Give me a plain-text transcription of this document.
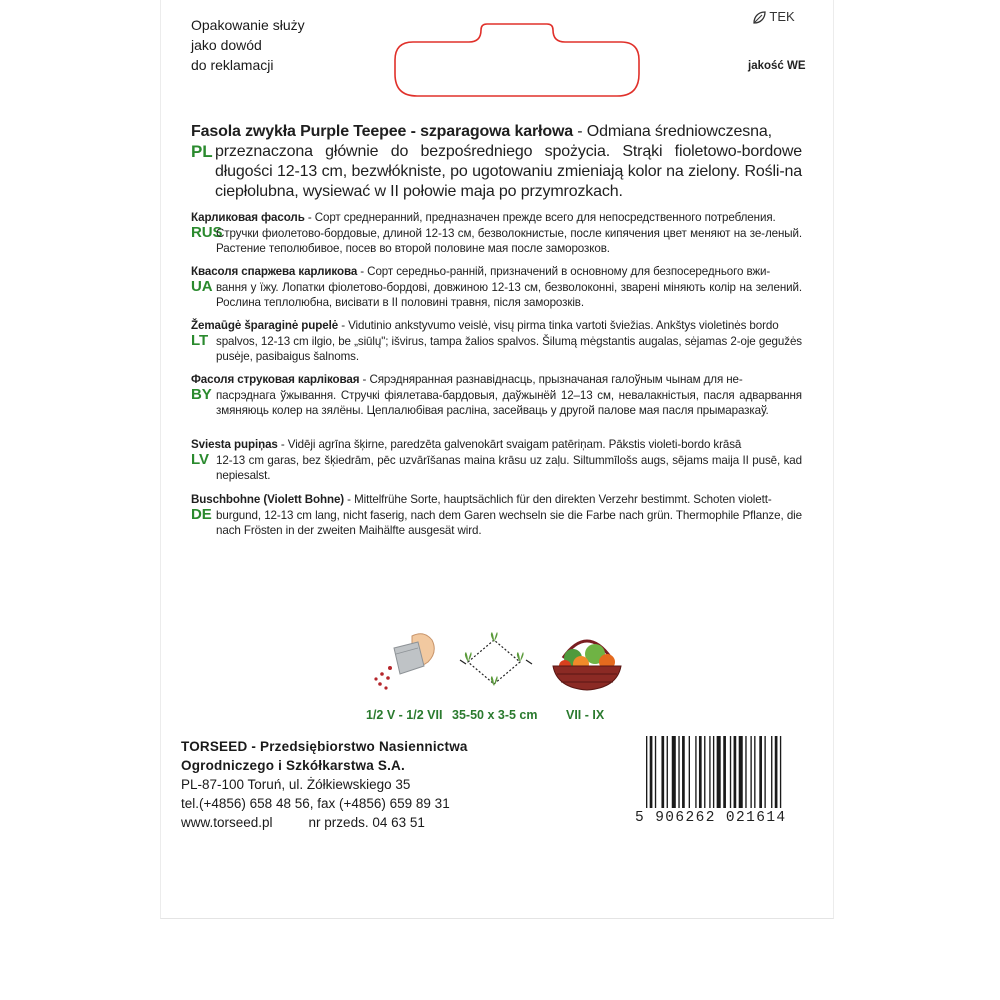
Opakowanie służy
jako dowód
do reklamacji
TEK
jakość WE
PL
Fasola zwykła Purple Teepee - szparagowa karłowa - Odmiana średniowczesna,
przeznaczona głównie do bezpośredniego spożycia. Strąki fioletowo-bordowe długości 12-13 cm, bezwłókniste, po ugotowaniu zmieniają kolor na zielony. Rośli-na ciepłolubna, wysiewać w II połowie maja po przymrozkach.
RUS
Карликовая фасоль - Сорт среднеранний, предназначен прежде всего для непосредственного потребления.
Стручки фиолетово-бордовые, длиной 12-13 см, безволокнистые, после кипячения цвет меняют на зе-леный. Растение теполюбивое, посев во второй половине мая после заморозков.
UA
Квасоля спаржева карликова - Сорт середньо-ранній, призначений в основному для безпосереднього вжи-
вання у їжу. Лопатки фіолетово-бордові, довжиною 12-13 см, безволоконні, зварені міняють колір на зелений. Рослина теплолюбна, висівати в ІІ половині травня, після заморозків.
LT
Žemaūgė šparaginė pupelė - Vidutinio ankstyvumo veislė, visų pirma tinka vartoti šviežias. Ankštys violetinės bordo
spalvos, 12-13 cm ilgio, be „siūlų"; išvirus, tampa žalios spalvos. Šilumą mėgstantis augalas, sėjamas 2-oje gegužės pusėje, pasibaigus šalnoms.
BY
Фасоля струковая карліковая - Сярэдняранная разнавіднасць, прызначаная галоўным чынам для не-
пасрэднага ўжывання. Стручкі фіялетава-бардовыя, даўжынёй 12–13 см, невалакністыя, пасля адварвання змяняюць колер на зялёны. Цеплалюбівая расліна, засейваць у другой палове мая пасля прымаразкаў.
LV
Sviesta pupiņas - Vidēji agrīna šķirne, paredzēta galvenokārt svaigam patēriņam. Pākstis violeti-bordo krāsā
12-13 cm garas, bez šķiedrām, pēc uzvārīšanas maina krāsu uz zaļu. Siltummīlošs augs, sējams maija II pusē, kad nepiesalst.
DE
Buschbohne (Violett Bohne) - Mittelfrühe Sorte, hauptsächlich für den direkten Verzehr bestimmt. Schoten violett-
burgund, 12-13 cm lang, nicht faserig, nach dem Garen wechseln sie die Farbe nach grün. Thermophile Pflanze, die nach Frösten in der zweiten Maihälfte ausgesät wird.
1/2 V - 1/2 VII 35-50 x 3-5 cm VII - IX
TORSEED - Przedsiębiorstwo Nasiennictwa
Ogrodniczego i Szkółkarstwa S.A.
PL-87-100 Toruń, ul. Żółkiewskiego 35
tel.(+4856) 658 48 56, fax (+4856) 659 89 31
www.torseed.pl	nr przeds. 04 63 51	5 906262 021614
